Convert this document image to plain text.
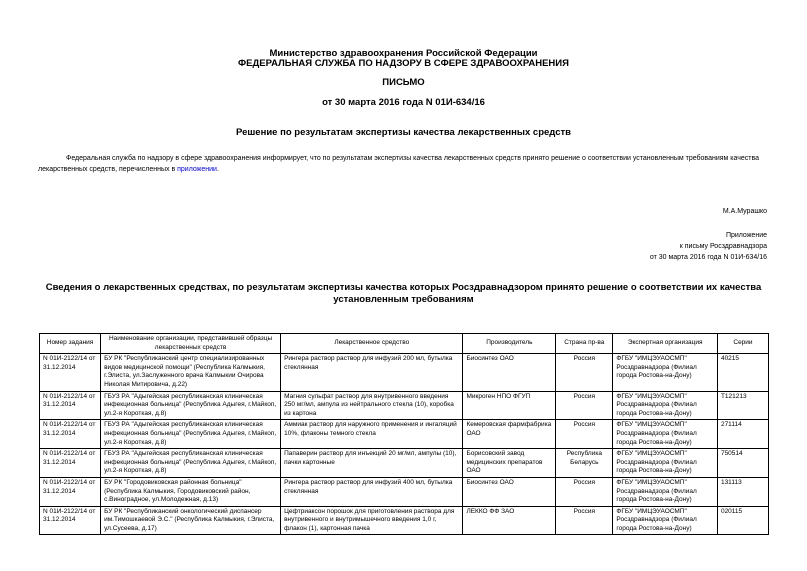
Министерство здравоохранения Российской Федерации
ФЕДЕРАЛЬНАЯ СЛУЖБА ПО НАДЗОРУ В СФЕРЕ ЗДРАВООХРАНЕНИЯ
ПИСЬМО
от 30 марта 2016 года N 01И-634/16
Решение по результатам экспертизы качества лекарственных средств
Федеральная служба по надзору в сфере здравоохранения информирует, что по результатам экспертизы качества лекарственных средств принято решение о соответствии установленным требованиям качества лекарственных средств, перечисленных в приложении.
М.А.Мурашко
Приложение
к письму Росздравнадзора
от 30 марта 2016 года N 01И-634/16
Сведения о лекарственных средствах, по результатам экспертизы качества которых Росздравнадзором принято решение о соответствии их качества установленным требованиям
Номер задания	Наименование организации, представившей образцы лекарственных средств	Лекарственное средство	Производитель	Страна пр-ва	Экспертная организация	Серии
N 01И-2122/14 от 31.12.2014	БУ РК "Республиканский центр специализированных видов медицинской помощи" (Республика Калмыкия, г.Элиста, ул.Заслуженного врача Калмыкии Очирова Николая Митировича, д.22)	Рингера раствор раствор для инфузий 200 мл, бутылка стеклянная	Биосинтез ОАО	Россия	ФГБУ "ИМЦЭУАОСМП" Росздравнадзора (Филиал города Ростова-на-Дону)	40215
N 01И-2122/14 от 31.12.2014	ГБУЗ РА "Адыгейская республиканская клиническая инфекционная больница" (Республика Адыгея, г.Майкоп, ул.2-я Короткая, д.8)	Магния сульфат раствор для внутривенного введения 250 мг/мл, ампула из нейтрального стекла (10), коробка из картона	Микроген НПО ФГУП	Россия	ФГБУ "ИМЦЭУАОСМП" Росздравнадзора (Филиал города Ростова-на-Дону)	Т121213
N 01И-2122/14 от 31.12.2014	ГБУЗ РА "Адыгейская республиканская клиническая инфекционная больница" (Республика Адыгея, г.Майкоп, ул.2-я Короткая, д.8)	Аммиак раствор для наружного применения и ингаляций 10%, флаконы темного стекла	Кемеровская фармфабрика ОАО	Россия	ФГБУ "ИМЦЭУАОСМП" Росздравнадзора (Филиал города Ростова-на-Дону)	271114
N 01И-2122/14 от 31.12.2014	ГБУЗ РА "Адыгейская республиканская клиническая инфекционная больница" (Республика Адыгея, г.Майкоп, ул.2-я Короткая, д.8)	Папаверин раствор для инъекций 20 мг/мл, ампулы (10), пачки картонные	Борисовский завод медицинских препаратов ОАО	Республика Беларусь	ФГБУ "ИМЦЭУАОСМП" Росздравнадзора (Филиал города Ростова-на-Дону)	750514
N 01И-2122/14 от 31.12.2014	БУ РК "Городовиковская районная больница" (Республика Калмыкия, Городовиковский район, с.Виноградное, ул.Молодежная, д.13)	Рингера раствор раствор для инфузий 400 мл, бутылка стеклянная	Биосинтез ОАО	Россия	ФГБУ "ИМЦЭУАОСМП" Росздравнадзора (Филиал города Ростова-на-Дону)	131113
N 01И-2122/14 от 31.12.2014	БУ РК "Республиканский онкологический диспансер им.Тимошкаевой Э.С." (Республика Калмыкия, г.Элиста, ул.Сусеева, д.17)	Цефтриаксон порошок для приготовления раствора для внутривенного и внутримышечного введения 1,0 г, флакон (1), картонная пачка	ЛЕККО ФФ ЗАО	Россия	ФГБУ "ИМЦЭУАОСМП" Росздравнадзора (Филиал города Ростова-на-Дону)	020115
